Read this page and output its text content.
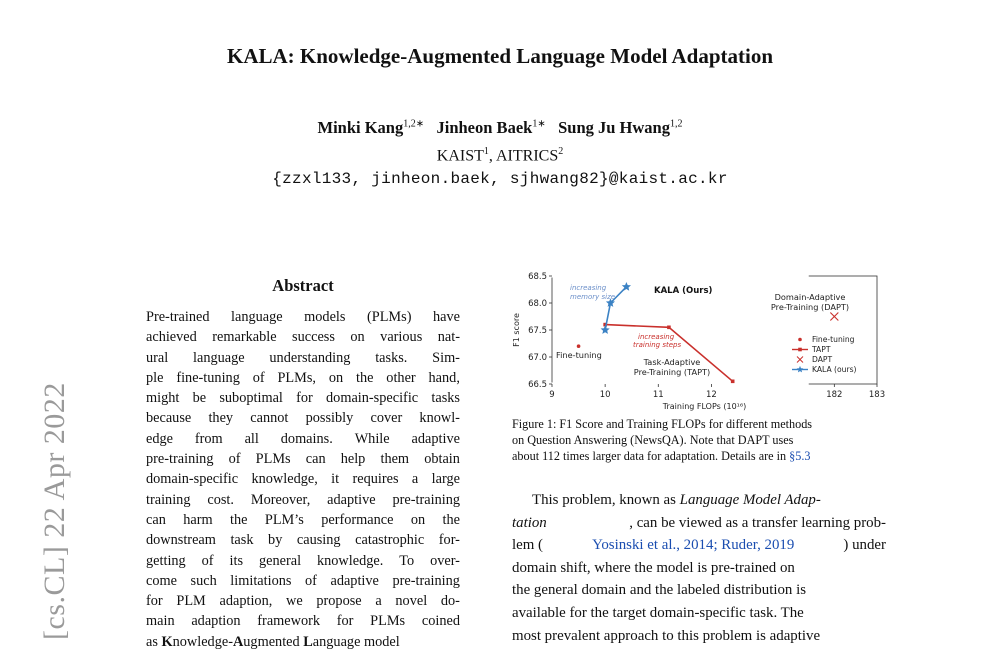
KALA: Knowledge-Augmented Language Model Adaptation
Minki Kang$^{1,2∗}$ Jinheon Baek$^{1∗}$ Sung Ju Hwang$^{1,2}$
KAIST$^1$, AITRICS$^2$
{zzxl133, jinheon.baek, sjhwang82}@kaist.ac.kr
[cs.CL] 22 Apr 2022
Abstract
Pre-trained language models (PLMs) have
achieved remarkable success on various nat-
ural language understanding tasks. Sim-
ple fine-tuning of PLMs, on the other hand,
might be suboptimal for domain-specific tasks
because they cannot possibly cover knowl-
edge from all domains. While adaptive
pre-training of PLMs can help them obtain
domain-specific knowledge, it requires a large
training cost. Moreover, adaptive pre-training
can harm the PLM’s performance on the
downstream task by causing catastrophic for-
getting of its general knowledge. To over-
come such limitations of adaptive pre-training
for PLM adaption, we propose a novel do-
main adaption framework for PLMs coined
as K nowledge- A ugmented L anguage model
66.5
67.0
67.5
68.0
68.5
9	10	11	12	182	183
Training FLOPs (10¹⁶)
F1 score
increasing
memory size
KALA (Ours)
Domain-Adaptive
Pre-Training (DAPT)
increasing
training steps
Task-Adaptive
Pre-Training (TAPT)
Fine-tuning
Fine-tuning
TAPT
DAPT
KALA (ours)
Figure 1: F1 Score and Training FLOPs for different methods
on Question Answering (NewsQA). Note that DAPT uses
about 112 times larger data for adaptation. Details are in §5.3
This problem, known as Language Model Adap-
tation	, can be viewed as a transfer learning prob-
lem (	Yosinski et al., 2014; Ruder, 2019	) under
domain shift, where the model is pre-trained on
the general domain and the labeled distribution is
available for the target domain-specific task. The
most prevalent approach to this problem is adaptive
